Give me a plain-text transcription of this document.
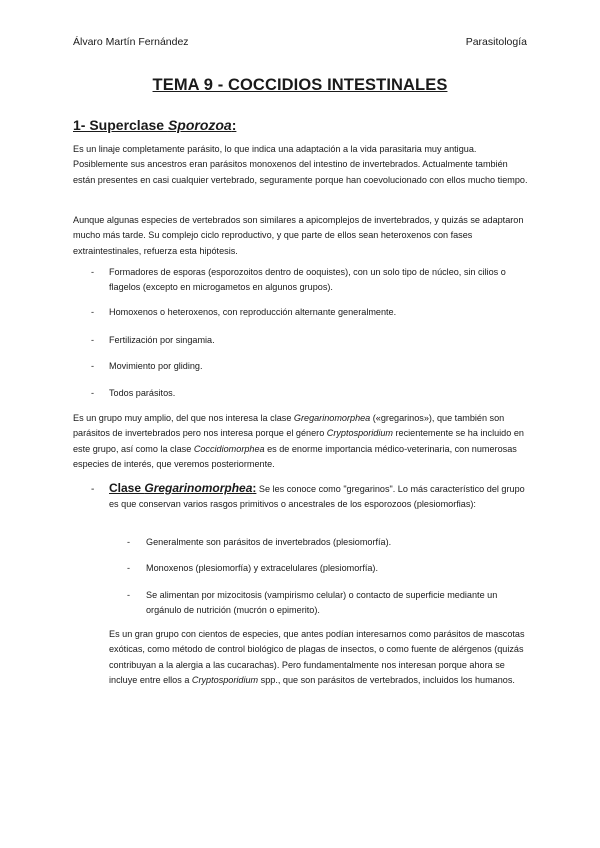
Álvaro Martín Fernández	Parasitología
TEMA 9 - COCCIDIOS INTESTINALES
1- Superclase Sporozoa:

Es un linaje completamente parásito, lo que indica una adaptación a la vida parasitaria muy antigua. Posiblemente sus ancestros eran parásitos monoxenos del intestino de invertebrados. Actualmente también están presentes en casi cualquier vertebrado, seguramente porque han coevolucionado con ellos mucho tiempo.

Aunque algunas especies de vertebrados son similares a apicomplejos de invertebrados, y quizás se adaptaron mucho más tarde. Su complejo ciclo reproductivo, y que parte de ellos sean heteroxenos con fases extraintestinales, refuerza esta hipótesis.

- Formadores de esporas (esporozoitos dentro de ooquistes), con un solo tipo de núcleo, sin cilios o flagelos (excepto en microgametos en algunos grupos).

- Homoxenos o heteroxenos, con reproducción alternante generalmente.

- Fertilización por singamia.

- Movimiento por gliding.

- Todos parásitos.

Es un grupo muy amplio, del que nos interesa la clase Gregarinomorphea («gregarinos»), que también son parásitos de invertebrados pero nos interesa porque el género Cryptosporidium recientemente se ha incluido en este grupo, así como la clase Coccidiomorphea es de enorme importancia médico-veterinaria, con numerosas especies de interés, que veremos posteriormente.

- Clase Gregarinomorphea: Se les conoce como "gregarinos". Lo más característico del grupo es que conservan varios rasgos primitivos o ancestrales de los esporozoos (plesiomorfias):

- Generalmente son parásitos de invertebrados (plesiomorfía).

- Monoxenos (plesiomorfía) y extracelulares (plesiomorfía).

- Se alimentan por mizocitosis (vampirismo celular) o contacto de superficie mediante un orgánulo de nutrición (mucrón o epimerito).

Es un gran grupo con cientos de especies, que antes podían interesarnos como parásitos de mascotas exóticas, como método de control biológico de plagas de insectos, o como fuente de alérgenos (quizás contribuyan a la alergia a las cucarachas). Pero fundamentalmente nos interesan porque ahora se incluye entre ellos a Cryptosporidium spp., que son parásitos de vertebrados, incluidos los humanos.
